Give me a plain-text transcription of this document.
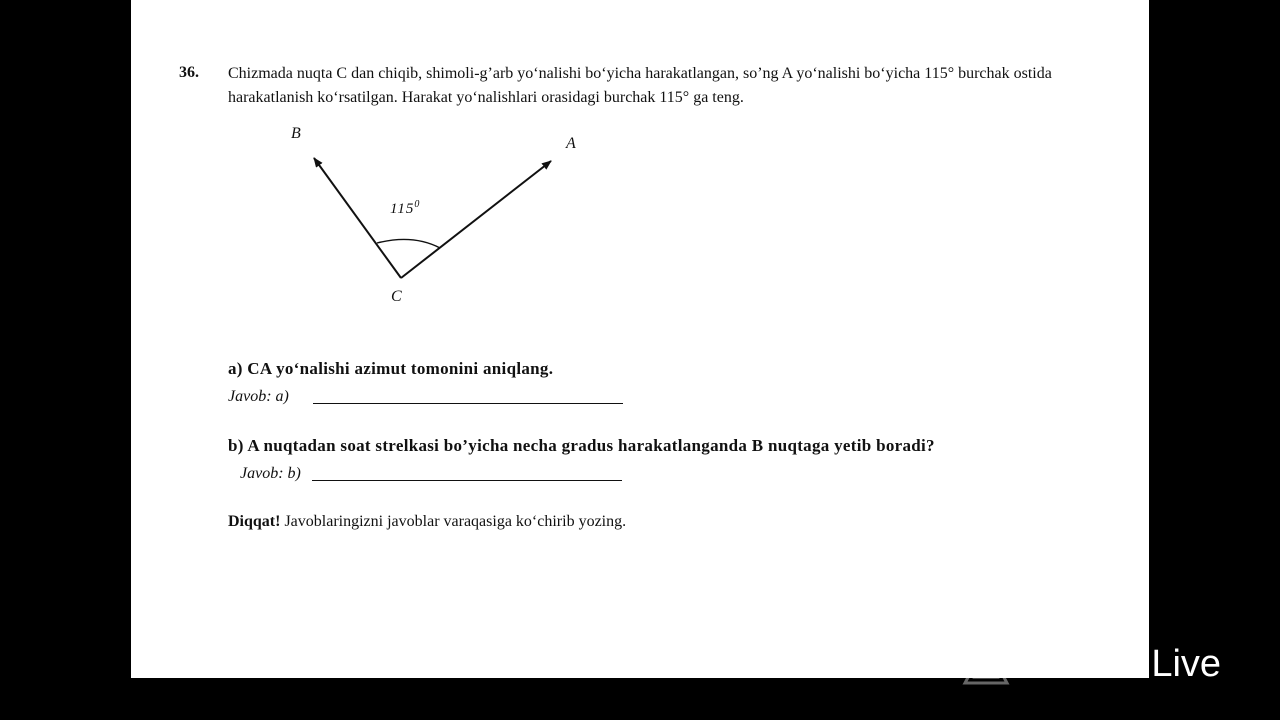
36. Chizmada nuqta C dan chiqib, shimoli-g’arb yo‘nalishi bo‘yicha harakatlangan, so’ng A yo‘nalishi bo‘yicha 115° burchak ostida harakatlanish ko‘rsatilgan. Harakat yo‘nalishlari orasidagi burchak 115° ga teng.

B
A
C
$115^0$
a) CA yo‘nalishi azimut tomonini aniqlang.
Javob: a)
b) A nuqtadan soat strelkasi bo’yicha necha gradus harakatlanganda B nuqtaga yetib boradi?
Javob: b)
Diqqat! Javoblaringizni javoblar varaqasiga ko‘chirib yozing.
PRISM Live
